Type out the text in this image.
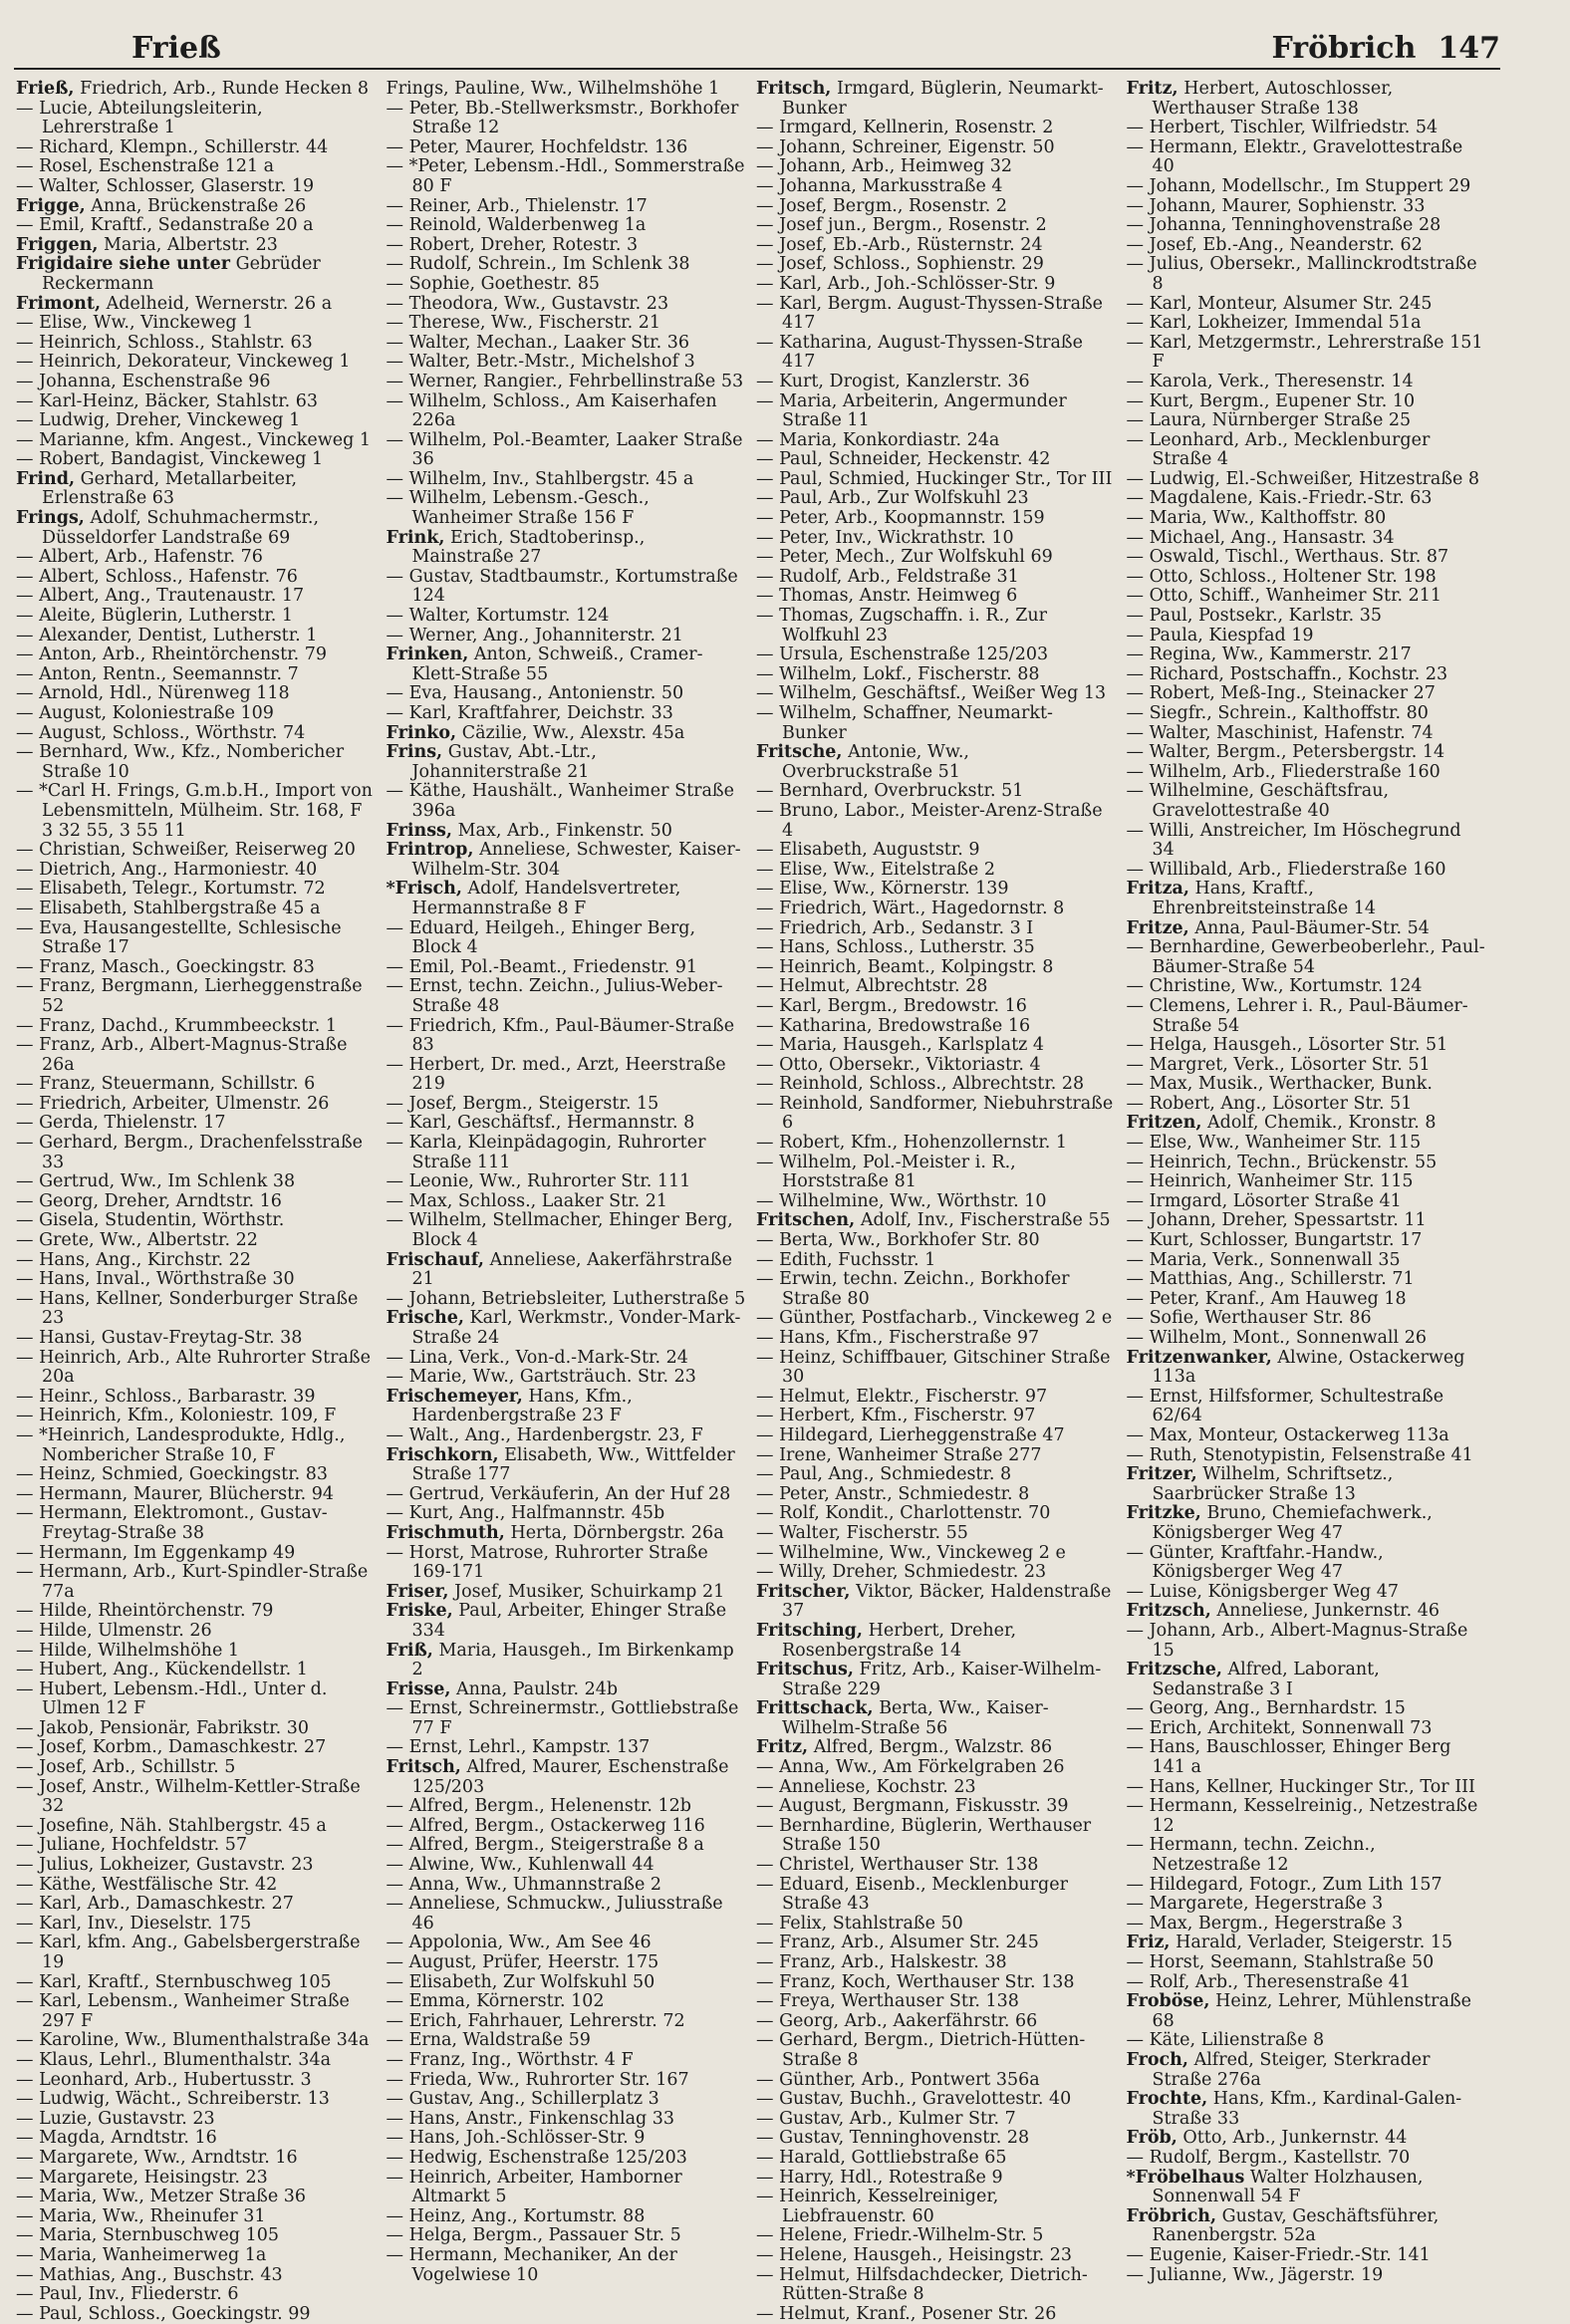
Frieß	Fröbrich 147

Frieß, Friedrich, Arb., Runde Hecken 8

— Lucie, Abteilungsleiterin, Lehrerstraße 1

— Richard, Klempn., Schillerstr. 44

— Rosel, Eschenstraße 121 a

— Walter, Schlosser, Glaserstr. 19

Frigge, Anna, Brückenstraße 26

— Emil, Kraftf., Sedanstraße 20 a

Friggen, Maria, Albertstr. 23

Frigidaire siehe unter Gebrüder Reckermann

Frimont, Adelheid, Wernerstr. 26 a

— Elise, Ww., Vinckeweg 1

— Heinrich, Schloss., Stahlstr. 63

— Heinrich, Dekorateur, Vinckeweg 1

— Johanna, Eschenstraße 96

— Karl-Heinz, Bäcker, Stahlstr. 63

— Ludwig, Dreher, Vinckeweg 1

— Marianne, kfm. Angest., Vinckeweg 1

— Robert, Bandagist, Vinckeweg 1

Frind, Gerhard, Metallarbeiter, Erlenstraße 63

Frings, Adolf, Schuhmachermstr., Düsseldorfer Landstraße 69

— Albert, Arb., Hafenstr. 76

— Albert, Schloss., Hafenstr. 76

— Albert, Ang., Trautenaustr. 17

— Aleite, Büglerin, Lutherstr. 1

— Alexander, Dentist, Lutherstr. 1

— Anton, Arb., Rheintörchenstr. 79

— Anton, Rentn., Seemannstr. 7

— Arnold, Hdl., Nürenweg 118

— August, Koloniestraße 109

— August, Schloss., Wörthstr. 74

— Bernhard, Ww., Kfz., Nombericher Straße 10

— *Carl H. Frings, G.m.b.H., Import von Lebensmitteln, Mülheim. Str. 168, F 3 32 55, 3 55 11

— Christian, Schweißer, Reiserweg 20

— Dietrich, Ang., Harmoniestr. 40

— Elisabeth, Telegr., Kortumstr. 72

— Elisabeth, Stahlbergstraße 45 a

— Eva, Hausangestellte, Schlesische Straße 17

— Franz, Masch., Goeckingstr. 83

— Franz, Bergmann, Lierheggenstraße 52

— Franz, Dachd., Krummbeeckstr. 1

— Franz, Arb., Albert-Magnus-Straße 26a

— Franz, Steuermann, Schillstr. 6

— Friedrich, Arbeiter, Ulmenstr. 26

— Gerda, Thielenstr. 17

— Gerhard, Bergm., Drachenfelsstraße 33

— Gertrud, Ww., Im Schlenk 38

— Georg, Dreher, Arndtstr. 16

— Gisela, Studentin, Wörthstr.

— Grete, Ww., Albertstr. 22

— Hans, Ang., Kirchstr. 22

— Hans, Inval., Wörthstraße 30

— Hans, Kellner, Sonderburger Straße 23

— Hansi, Gustav-Freytag-Str. 38

— Heinrich, Arb., Alte Ruhrorter Straße 20a

— Heinr., Schloss., Barbarastr. 39

— Heinrich, Kfm., Koloniestr. 109, F

— *Heinrich, Landesprodukte, Hdlg., Nombericher Straße 10, F

— Heinz, Schmied, Goeckingstr. 83

— Hermann, Maurer, Blücherstr. 94

— Hermann, Elektromont., Gustav-Freytag-Straße 38

— Hermann, Im Eggenkamp 49

— Hermann, Arb., Kurt-Spindler-Straße 77a

— Hilde, Rheintörchenstr. 79

— Hilde, Ulmenstr. 26

— Hilde, Wilhelmshöhe 1

— Hubert, Ang., Kückendellstr. 1

— Hubert, Lebensm.-Hdl., Unter d. Ulmen 12 F

— Jakob, Pensionär, Fabrikstr. 30

— Josef, Korbm., Damaschkestr. 27

— Josef, Arb., Schillstr. 5

— Josef, Anstr., Wilhelm-Kettler-Straße 32

— Josefine, Näh. Stahlbergstr. 45 a

— Juliane, Hochfeldstr. 57

— Julius, Lokheizer, Gustavstr. 23

— Käthe, Westfälische Str. 42

— Karl, Arb., Damaschkestr. 27

— Karl, Inv., Dieselstr. 175

— Karl, kfm. Ang., Gabelsbergerstraße 19

— Karl, Kraftf., Sternbuschweg 105

— Karl, Lebensm., Wanheimer Straße 297 F

— Karoline, Ww., Blumenthalstraße 34a

— Klaus, Lehrl., Blumenthalstr. 34a

— Leonhard, Arb., Hubertusstr. 3

— Ludwig, Wächt., Schreiberstr. 13

— Luzie, Gustavstr. 23

— Magda, Arndtstr. 16

— Margarete, Ww., Arndtstr. 16

— Margarete, Heisingstr. 23

— Maria, Ww., Metzer Straße 36

— Maria, Ww., Rheinufer 31

— Maria, Sternbuschweg 105

— Maria, Wanheimerweg 1a

— Mathias, Ang., Buschstr. 43

— Paul, Inv., Fliederstr. 6

— Paul, Schloss., Goeckingstr. 99

Frings, Pauline, Ww., Wilhelmshöhe 1

— Peter, Bb.-Stellwerksmstr., Borkhofer Straße 12

— Peter, Maurer, Hochfeldstr. 136

— *Peter, Lebensm.-Hdl., Sommerstraße 80 F

— Reiner, Arb., Thielenstr. 17

— Reinold, Walderbenweg 1a

— Robert, Dreher, Rotestr. 3

— Rudolf, Schrein., Im Schlenk 38

— Sophie, Goethestr. 85

— Theodora, Ww., Gustavstr. 23

— Therese, Ww., Fischerstr. 21

— Walter, Mechan., Laaker Str. 36

— Walter, Betr.-Mstr., Michelshof 3

— Werner, Rangier., Fehrbellinstraße 53

— Wilhelm, Schloss., Am Kaiserhafen 226a

— Wilhelm, Pol.-Beamter, Laaker Straße 36

— Wilhelm, Inv., Stahlbergstr. 45 a

— Wilhelm, Lebensm.-Gesch., Wanheimer Straße 156 F

Frink, Erich, Stadtoberinsp., Mainstraße 27

— Gustav, Stadtbaumstr., Kortumstraße 124

— Walter, Kortumstr. 124

— Werner, Ang., Johanniterstr. 21

Frinken, Anton, Schweiß., Cramer-Klett-Straße 55

— Eva, Hausang., Antonienstr. 50

— Karl, Kraftfahrer, Deichstr. 33

Frinko, Cäzilie, Ww., Alexstr. 45a

Frins, Gustav, Abt.-Ltr., Johanniterstraße 21

— Käthe, Haushält., Wanheimer Straße 396a

Frinss, Max, Arb., Finkenstr. 50

Frintrop, Anneliese, Schwester, Kaiser-Wilhelm-Str. 304

*Frisch, Adolf, Handelsvertreter, Hermannstraße 8 F

— Eduard, Heilgeh., Ehinger Berg, Block 4

— Emil, Pol.-Beamt., Friedenstr. 91

— Ernst, techn. Zeichn., Julius-Weber-Straße 48

— Friedrich, Kfm., Paul-Bäumer-Straße 83

— Herbert, Dr. med., Arzt, Heerstraße 219

— Josef, Bergm., Steigerstr. 15

— Karl, Geschäftsf., Hermannstr. 8

— Karla, Kleinpädagogin, Ruhrorter Straße 111

— Leonie, Ww., Ruhrorter Str. 111

— Max, Schloss., Laaker Str. 21

— Wilhelm, Stellmacher, Ehinger Berg, Block 4

Frischauf, Anneliese, Aakerfährstraße 21

— Johann, Betriebsleiter, Lutherstraße 5

Frische, Karl, Werkmstr., Vonder-Mark-Straße 24

— Lina, Verk., Von-d.-Mark-Str. 24

— Marie, Ww., Gartsträuch. Str. 23

Frischemeyer, Hans, Kfm., Hardenbergstraße 23 F

— Walt., Ang., Hardenbergstr. 23, F

Frischkorn, Elisabeth, Ww., Wittfelder Straße 177

— Gertrud, Verkäuferin, An der Huf 28

— Kurt, Ang., Halfmannstr. 45b

Frischmuth, Herta, Dörnbergstr. 26a

— Horst, Matrose, Ruhrorter Straße 169-171

Friser, Josef, Musiker, Schuirkamp 21

Friske, Paul, Arbeiter, Ehinger Straße 334

Friß, Maria, Hausgeh., Im Birkenkamp 2

Frisse, Anna, Paulstr. 24b

— Ernst, Schreinermstr., Gottliebstraße 77 F

— Ernst, Lehrl., Kampstr. 137

Fritsch, Alfred, Maurer, Eschenstraße 125/203

— Alfred, Bergm., Helenenstr. 12b

— Alfred, Bergm., Ostackerweg 116

— Alfred, Bergm., Steigerstraße 8 a

— Alwine, Ww., Kuhlenwall 44

— Anna, Ww., Uhmannstraße 2

— Anneliese, Schmuckw., Juliusstraße 46

— Appolonia, Ww., Am See 46

— August, Prüfer, Heerstr. 175

— Elisabeth, Zur Wolfskuhl 50

— Emma, Körnerstr. 102

— Erich, Fahrhauer, Lehrerstr. 72

— Erna, Waldstraße 59

— Franz, Ing., Wörthstr. 4 F

— Frieda, Ww., Ruhrorter Str. 167

— Gustav, Ang., Schillerplatz 3

— Hans, Anstr., Finkenschlag 33

— Hans, Joh.-Schlösser-Str. 9

— Hedwig, Eschenstraße 125/203

— Heinrich, Arbeiter, Hamborner Altmarkt 5

— Heinz, Ang., Kortumstr. 88

— Helga, Bergm., Passauer Str. 5

— Hermann, Mechaniker, An der Vogelwiese 10

Fritsch, Irmgard, Büglerin, Neumarkt-Bunker

— Irmgard, Kellnerin, Rosenstr. 2

— Johann, Schreiner, Eigenstr. 50

— Johann, Arb., Heimweg 32

— Johanna, Markusstraße 4

— Josef, Bergm., Rosenstr. 2

— Josef jun., Bergm., Rosenstr. 2

— Josef, Eb.-Arb., Rüsternstr. 24

— Josef, Schloss., Sophienstr. 29

— Karl, Arb., Joh.-Schlösser-Str. 9

— Karl, Bergm. August-Thyssen-Straße 417

— Katharina, August-Thyssen-Straße 417

— Kurt, Drogist, Kanzlerstr. 36

— Maria, Arbeiterin, Angermunder Straße 11

— Maria, Konkordiastr. 24a

— Paul, Schneider, Heckenstr. 42

— Paul, Schmied, Huckinger Str., Tor III

— Paul, Arb., Zur Wolfskuhl 23

— Peter, Arb., Koopmannstr. 159

— Peter, Inv., Wickrathstr. 10

— Peter, Mech., Zur Wolfskuhl 69

— Rudolf, Arb., Feldstraße 31

— Thomas, Anstr. Heimweg 6

— Thomas, Zugschaffn. i. R., Zur Wolfkuhl 23

— Ursula, Eschenstraße 125/203

— Wilhelm, Lokf., Fischerstr. 88

— Wilhelm, Geschäftsf., Weißer Weg 13

— Wilhelm, Schaffner, Neumarkt-Bunker

Fritsche, Antonie, Ww., Overbruckstraße 51

— Bernhard, Overbruckstr. 51

— Bruno, Labor., Meister-Arenz-Straße 4

— Elisabeth, Auguststr. 9

— Elise, Ww., Eitelstraße 2

— Elise, Ww., Körnerstr. 139

— Friedrich, Wärt., Hagedornstr. 8

— Friedrich, Arb., Sedanstr. 3 I

— Hans, Schloss., Lutherstr. 35

— Heinrich, Beamt., Kolpingstr. 8

— Helmut, Albrechtstr. 28

— Karl, Bergm., Bredowstr. 16

— Katharina, Bredowstraße 16

— Maria, Hausgeh., Karlsplatz 4

— Otto, Obersekr., Viktoriastr. 4

— Reinhold, Schloss., Albrechtstr. 28

— Reinhold, Sandformer, Niebuhrstraße 6

— Robert, Kfm., Hohenzollernstr. 1

— Wilhelm, Pol.-Meister i. R., Horststraße 81

— Wilhelmine, Ww., Wörthstr. 10

Fritschen, Adolf, Inv., Fischerstraße 55

— Berta, Ww., Borkhofer Str. 80

— Edith, Fuchsstr. 1

— Erwin, techn. Zeichn., Borkhofer Straße 80

— Günther, Postfacharb., Vinckeweg 2 e

— Hans, Kfm., Fischerstraße 97

— Heinz, Schiffbauer, Gitschiner Straße 30

— Helmut, Elektr., Fischerstr. 97

— Herbert, Kfm., Fischerstr. 97

— Hildegard, Lierheggenstraße 47

— Irene, Wanheimer Straße 277

— Paul, Ang., Schmiedestr. 8

— Peter, Anstr., Schmiedestr. 8

— Rolf, Kondit., Charlottenstr. 70

— Walter, Fischerstr. 55

— Wilhelmine, Ww., Vinckeweg 2 e

— Willy, Dreher, Schmiedestr. 23

Fritscher, Viktor, Bäcker, Haldenstraße 37

Fritsching, Herbert, Dreher, Rosenbergstraße 14

Fritschus, Fritz, Arb., Kaiser-Wilhelm-Straße 229

Frittschack, Berta, Ww., Kaiser-Wilhelm-Straße 56

Fritz, Alfred, Bergm., Walzstr. 86

— Anna, Ww., Am Förkelgraben 26

— Anneliese, Kochstr. 23

— August, Bergmann, Fiskusstr. 39

— Bernhardine, Büglerin, Werthauser Straße 150

— Christel, Werthauser Str. 138

— Eduard, Eisenb., Mecklenburger Straße 43

— Felix, Stahlstraße 50

— Franz, Arb., Alsumer Str. 245

— Franz, Arb., Halskestr. 38

— Franz, Koch, Werthauser Str. 138

— Freya, Werthauser Str. 138

— Georg, Arb., Aakerfährstr. 66

— Gerhard, Bergm., Dietrich-Hütten-Straße 8

— Günther, Arb., Pontwert 356a

— Gustav, Buchh., Gravelottestr. 40

— Gustav, Arb., Kulmer Str. 7

— Gustav, Tenninghovenstr. 28

— Harald, Gottliebstraße 65

— Harry, Hdl., Rotestraße 9

— Heinrich, Kesselreiniger, Liebfrauenstr. 60

— Helene, Friedr.-Wilhelm-Str. 5

— Helene, Hausgeh., Heisingstr. 23

— Helmut, Hilfsdachdecker, Dietrich-Rütten-Straße 8

— Helmut, Kranf., Posener Str. 26

Fritz, Herbert, Autoschlosser, Werthauser Straße 138

— Herbert, Tischler, Wilfriedstr. 54

— Hermann, Elektr., Gravelottestraße 40

— Johann, Modellschr., Im Stuppert 29

— Johann, Maurer, Sophienstr. 33

— Johanna, Tenninghovenstraße 28

— Josef, Eb.-Ang., Neanderstr. 62

— Julius, Obersekr., Mallinckrodtstraße 8

— Karl, Monteur, Alsumer Str. 245

— Karl, Lokheizer, Immendal 51a

— Karl, Metzgermstr., Lehrerstraße 151 F

— Karola, Verk., Theresenstr. 14

— Kurt, Bergm., Eupener Str. 10

— Laura, Nürnberger Straße 25

— Leonhard, Arb., Mecklenburger Straße 4

— Ludwig, El.-Schweißer, Hitzestraße 8

— Magdalene, Kais.-Friedr.-Str. 63

— Maria, Ww., Kalthoffstr. 80

— Michael, Ang., Hansastr. 34

— Oswald, Tischl., Werthaus. Str. 87

— Otto, Schloss., Holtener Str. 198

— Otto, Schiff., Wanheimer Str. 211

— Paul, Postsekr., Karlstr. 35

— Paula, Kiespfad 19

— Regina, Ww., Kammerstr. 217

— Richard, Postschaffn., Kochstr. 23

— Robert, Meß-Ing., Steinacker 27

— Siegfr., Schrein., Kalthoffstr. 80

— Walter, Maschinist, Hafenstr. 74

— Walter, Bergm., Petersbergstr. 14

— Wilhelm, Arb., Fliederstraße 160

— Wilhelmine, Geschäftsfrau, Gravelottestraße 40

— Willi, Anstreicher, Im Höschegrund 34

— Willibald, Arb., Fliederstraße 160

Fritza, Hans, Kraftf., Ehrenbreitsteinstraße 14

Fritze, Anna, Paul-Bäumer-Str. 54

— Bernhardine, Gewerbeoberlehr., Paul-Bäumer-Straße 54

— Christine, Ww., Kortumstr. 124

— Clemens, Lehrer i. R., Paul-Bäumer-Straße 54

— Helga, Hausgeh., Lösorter Str. 51

— Margret, Verk., Lösorter Str. 51

— Max, Musik., Werthacker, Bunk.

— Robert, Ang., Lösorter Str. 51

Fritzen, Adolf, Chemik., Kronstr. 8

— Else, Ww., Wanheimer Str. 115

— Heinrich, Techn., Brückenstr. 55

— Heinrich, Wanheimer Str. 115

— Irmgard, Lösorter Straße 41

— Johann, Dreher, Spessartstr. 11

— Kurt, Schlosser, Bungartstr. 17

— Maria, Verk., Sonnenwall 35

— Matthias, Ang., Schillerstr. 71

— Peter, Kranf., Am Hauweg 18

— Sofie, Werthauser Str. 86

— Wilhelm, Mont., Sonnenwall 26

Fritzenwanker, Alwine, Ostackerweg 113a

— Ernst, Hilfsformer, Schultestraße 62/64

— Max, Monteur, Ostackerweg 113a

— Ruth, Stenotypistin, Felsenstraße 41

Fritzer, Wilhelm, Schriftsetz., Saarbrücker Straße 13

Fritzke, Bruno, Chemiefachwerk., Königsberger Weg 47

— Günter, Kraftfahr.-Handw., Königsberger Weg 47

— Luise, Königsberger Weg 47

Fritzsch, Anneliese, Junkernstr. 46

— Johann, Arb., Albert-Magnus-Straße 15

Fritzsche, Alfred, Laborant, Sedanstraße 3 I

— Georg, Ang., Bernhardstr. 15

— Erich, Architekt, Sonnenwall 73

— Hans, Bauschlosser, Ehinger Berg 141 a

— Hans, Kellner, Huckinger Str., Tor III

— Hermann, Kesselreinig., Netzestraße 12

— Hermann, techn. Zeichn., Netzestraße 12

— Hildegard, Fotogr., Zum Lith 157

— Margarete, Hegerstraße 3

— Max, Bergm., Hegerstraße 3

Friz, Harald, Verlader, Steigerstr. 15

— Horst, Seemann, Stahlstraße 50

— Rolf, Arb., Theresenstraße 41

Froböse, Heinz, Lehrer, Mühlenstraße 68

— Käte, Lilienstraße 8

Froch, Alfred, Steiger, Sterkrader Straße 276a

Frochte, Hans, Kfm., Kardinal-Galen-Straße 33

Fröb, Otto, Arb., Junkernstr. 44

— Rudolf, Bergm., Kastellstr. 70

*Fröbelhaus Walter Holzhausen, Sonnenwall 54 F

Fröbrich, Gustav, Geschäftsführer, Ranenbergstr. 52a

— Eugenie, Kaiser-Friedr.-Str. 141

— Julianne, Ww., Jägerstr. 19
